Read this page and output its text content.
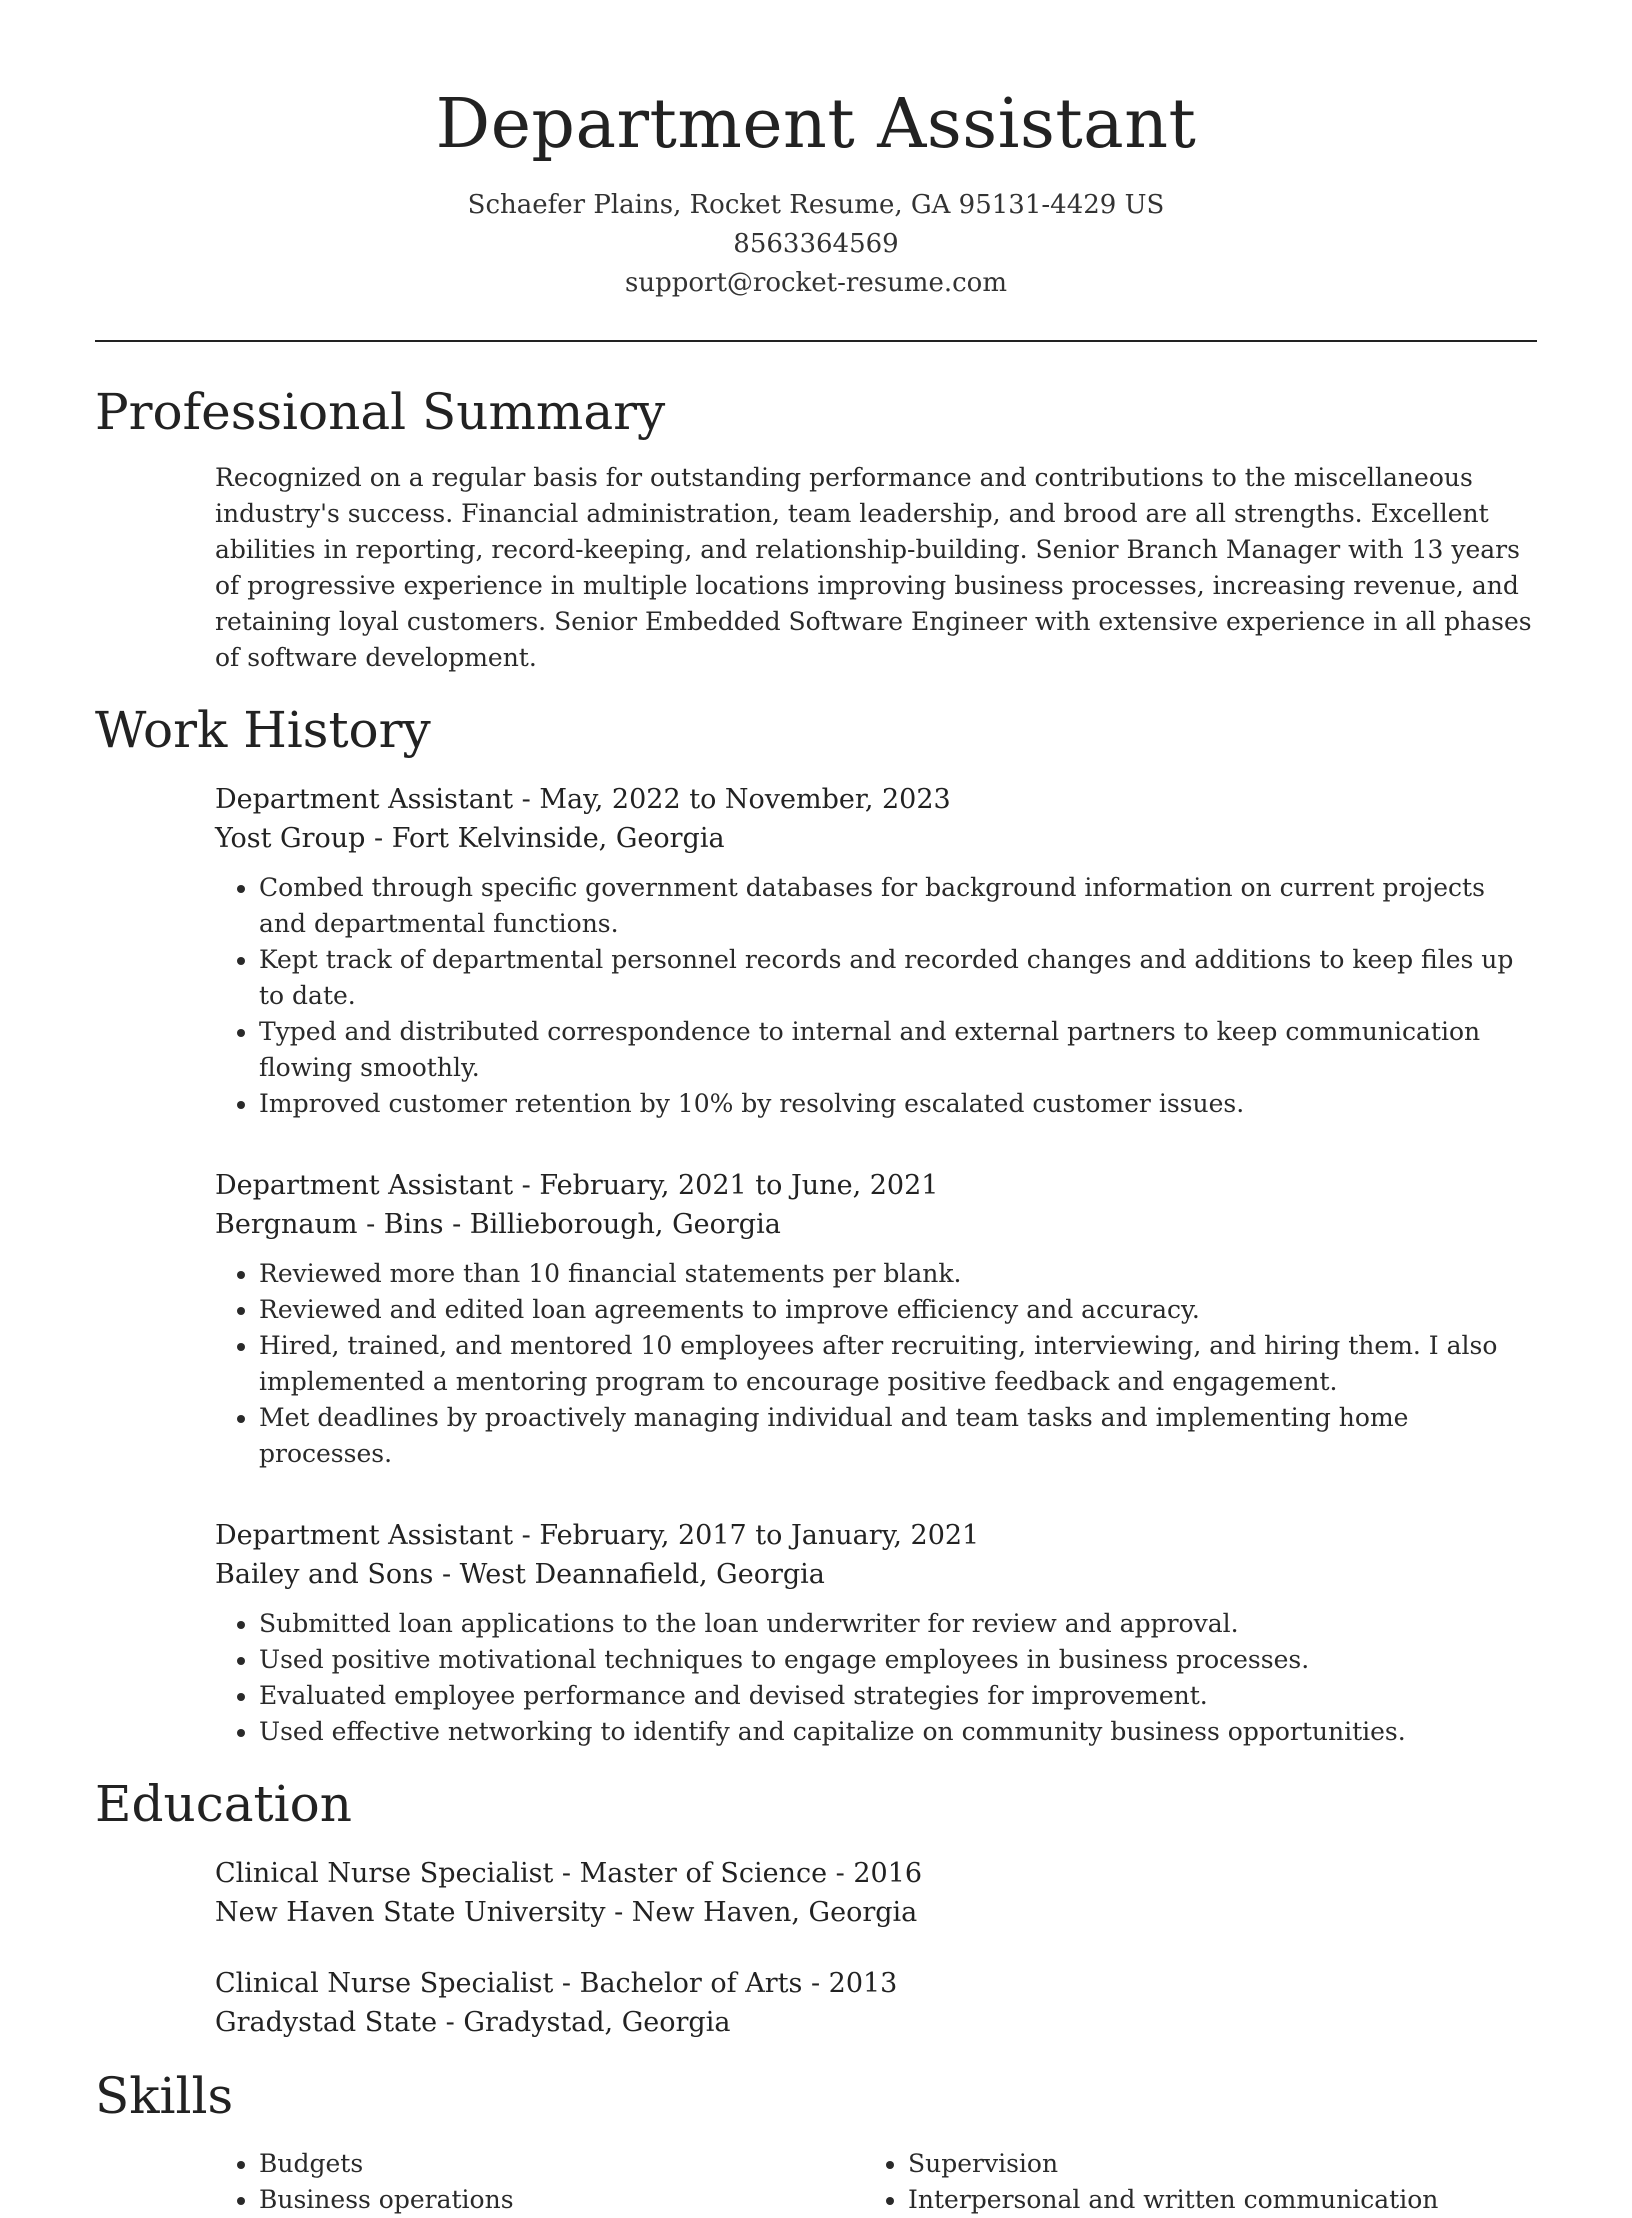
Department Assistant
Schaefer Plains, Rocket Resume, GA 95131-4429 US
8563364569
support@rocket-resume.com
Professional Summary

Recognized on a regular basis for outstanding performance and contributions to the miscellaneous industry's success. Financial administration, team leadership, and brood are all strengths. Excellent abilities in reporting, record-keeping, and relationship-building. Senior Branch Manager with 13 years of progressive experience in multiple locations improving business processes, increasing revenue, and retaining loyal customers. Senior Embedded Software Engineer with extensive experience in all phases of software development.

Work History
Department Assistant - May, 2022 to November, 2023
Yost Group - Fort Kelvinside, Georgia
• Combed through specific government databases for background information on current projects and departmental functions.
• Kept track of departmental personnel records and recorded changes and additions to keep files up to date.
• Typed and distributed correspondence to internal and external partners to keep communication flowing smoothly.
• Improved customer retention by 10% by resolving escalated customer issues.
Department Assistant - February, 2021 to June, 2021
Bergnaum - Bins - Billieborough, Georgia
• Reviewed more than 10 financial statements per blank.
• Reviewed and edited loan agreements to improve efficiency and accuracy.
• Hired, trained, and mentored 10 employees after recruiting, interviewing, and hiring them. I also implemented a mentoring program to encourage positive feedback and engagement.
• Met deadlines by proactively managing individual and team tasks and implementing home processes.
Department Assistant - February, 2017 to January, 2021
Bailey and Sons - West Deannafield, Georgia
• Submitted loan applications to the loan underwriter for review and approval.
• Used positive motivational techniques to engage employees in business processes.
• Evaluated employee performance and devised strategies for improvement.
• Used effective networking to identify and capitalize on community business opportunities.
Education
Clinical Nurse Specialist - Master of Science - 2016
New Haven State University - New Haven, Georgia
Clinical Nurse Specialist - Bachelor of Arts - 2013
Gradystad State - Gradystad, Georgia
Skills
• Budgets
• Business operations
• Supervision
• Interpersonal and written communication
